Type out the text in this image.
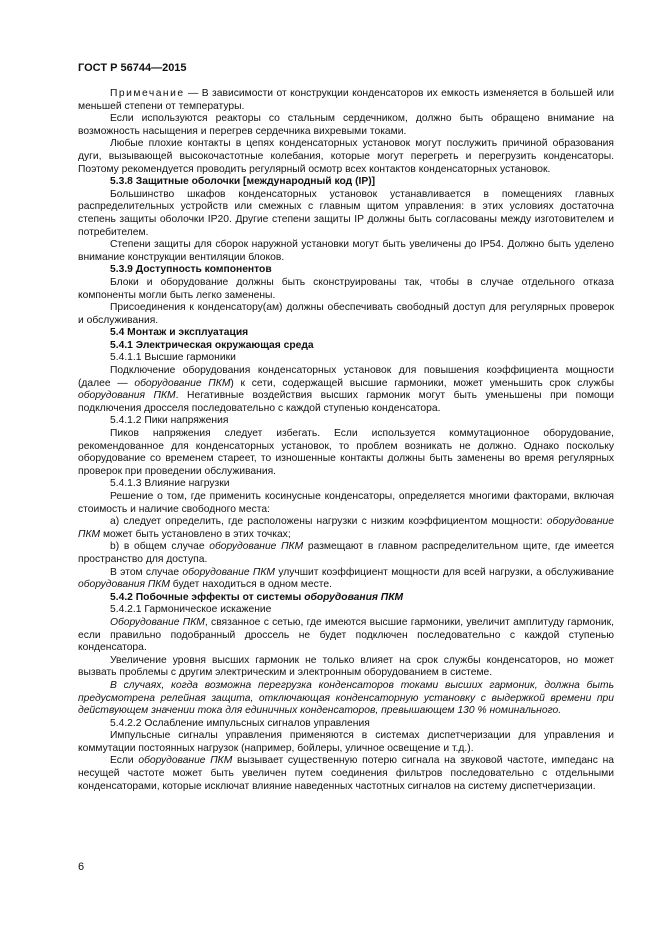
ГОСТ Р 56744—2015

Примечание — В зависимости от конструкции конденсаторов их емкость изменяется в большей или меньшей степени от температуры.

Если используются реакторы со стальным сердечником, должно быть обращено внимание на возможность насыщения и перегрев сердечника вихревыми токами.

Любые плохие контакты в цепях конденсаторных установок могут послужить причиной образования дуги, вызывающей высокочастотные колебания, которые могут перегреть и перегрузить конденсаторы. Поэтому рекомендуется проводить регулярный осмотр всех контактов конденсаторных установок.

5.3.8 Защитные оболочки [международный код (IP)]

Большинство шкафов конденсаторных установок устанавливается в помещениях главных распределительных устройств или смежных с главным щитом управления: в этих условиях достаточна степень защиты оболочки IP20. Другие степени защиты IP должны быть согласованы между изготовителем и потребителем.

Степени защиты для сборок наружной установки могут быть увеличены до IP54. Должно быть уделено внимание конструкции вентиляции блоков.

5.3.9 Доступность компонентов

Блоки и оборудование должны быть сконструированы так, чтобы в случае отдельного отказа компоненты могли быть легко заменены.

Присоединения к конденсатору(ам) должны обеспечивать свободный доступ для регулярных проверок и обслуживания.

5.4 Монтаж и эксплуатация

5.4.1 Электрическая окружающая среда

5.4.1.1 Высшие гармоники

Подключение оборудования конденсаторных установок для повышения коэффициента мощности (далее — оборудование ПКМ) к сети, содержащей высшие гармоники, может уменьшить срок службы оборудования ПКМ. Негативные воздействия высших гармоник могут быть уменьшены при помощи подключения дросселя последовательно с каждой ступенью конденсатора.

5.4.1.2 Пики напряжения

Пиков напряжения следует избегать. Если используется коммутационное оборудование, рекомендованное для конденсаторных установок, то проблем возникать не должно. Однако поскольку оборудование со временем стареет, то изношенные контакты должны быть заменены во время регулярных проверок при проведении обслуживания.

5.4.1.3 Влияние нагрузки

Решение о том, где применить косинусные конденсаторы, определяется многими факторами, включая стоимость и наличие свободного места:

a) следует определить, где расположены нагрузки с низким коэффициентом мощности: оборудование ПКМ может быть установлено в этих точках;

b) в общем случае оборудование ПКМ размещают в главном распределительном щите, где имеется пространство для доступа.

В этом случае оборудование ПКМ улучшит коэффициент мощности для всей нагрузки, а обслуживание оборудования ПКМ будет находиться в одном месте.

5.4.2 Побочные эффекты от системы оборудования ПКМ

5.4.2.1 Гармоническое искажение

Оборудование ПКМ, связанное с сетью, где имеются высшие гармоники, увеличит амплитуду гармоник, если правильно подобранный дроссель не будет подключен последовательно с каждой ступенью конденсатора.

Увеличение уровня высших гармоник не только влияет на срок службы конденсаторов, но может вызвать проблемы с другим электрическим и электронным оборудованием в системе.

В случаях, когда возможна перегрузка конденсаторов токами высших гармоник, должна быть предусмотрена релейная защита, отключающая конденсаторную установку с выдержкой времени при действующем значении тока для единичных конденсаторов, превышающем 130 % номинального.

5.4.2.2 Ослабление импульсных сигналов управления

Импульсные сигналы управления применяются в системах диспетчеризации для управления и коммутации постоянных нагрузок (например, бойлеры, уличное освещение и т.д.).

Если оборудование ПКМ вызывает существенную потерю сигнала на звуковой частоте, импеданс на несущей частоте может быть увеличен путем соединения фильтров последовательно с отдельными конденсаторами, которые исключат влияние наведенных частотных сигналов на систему диспетчеризации.

6
